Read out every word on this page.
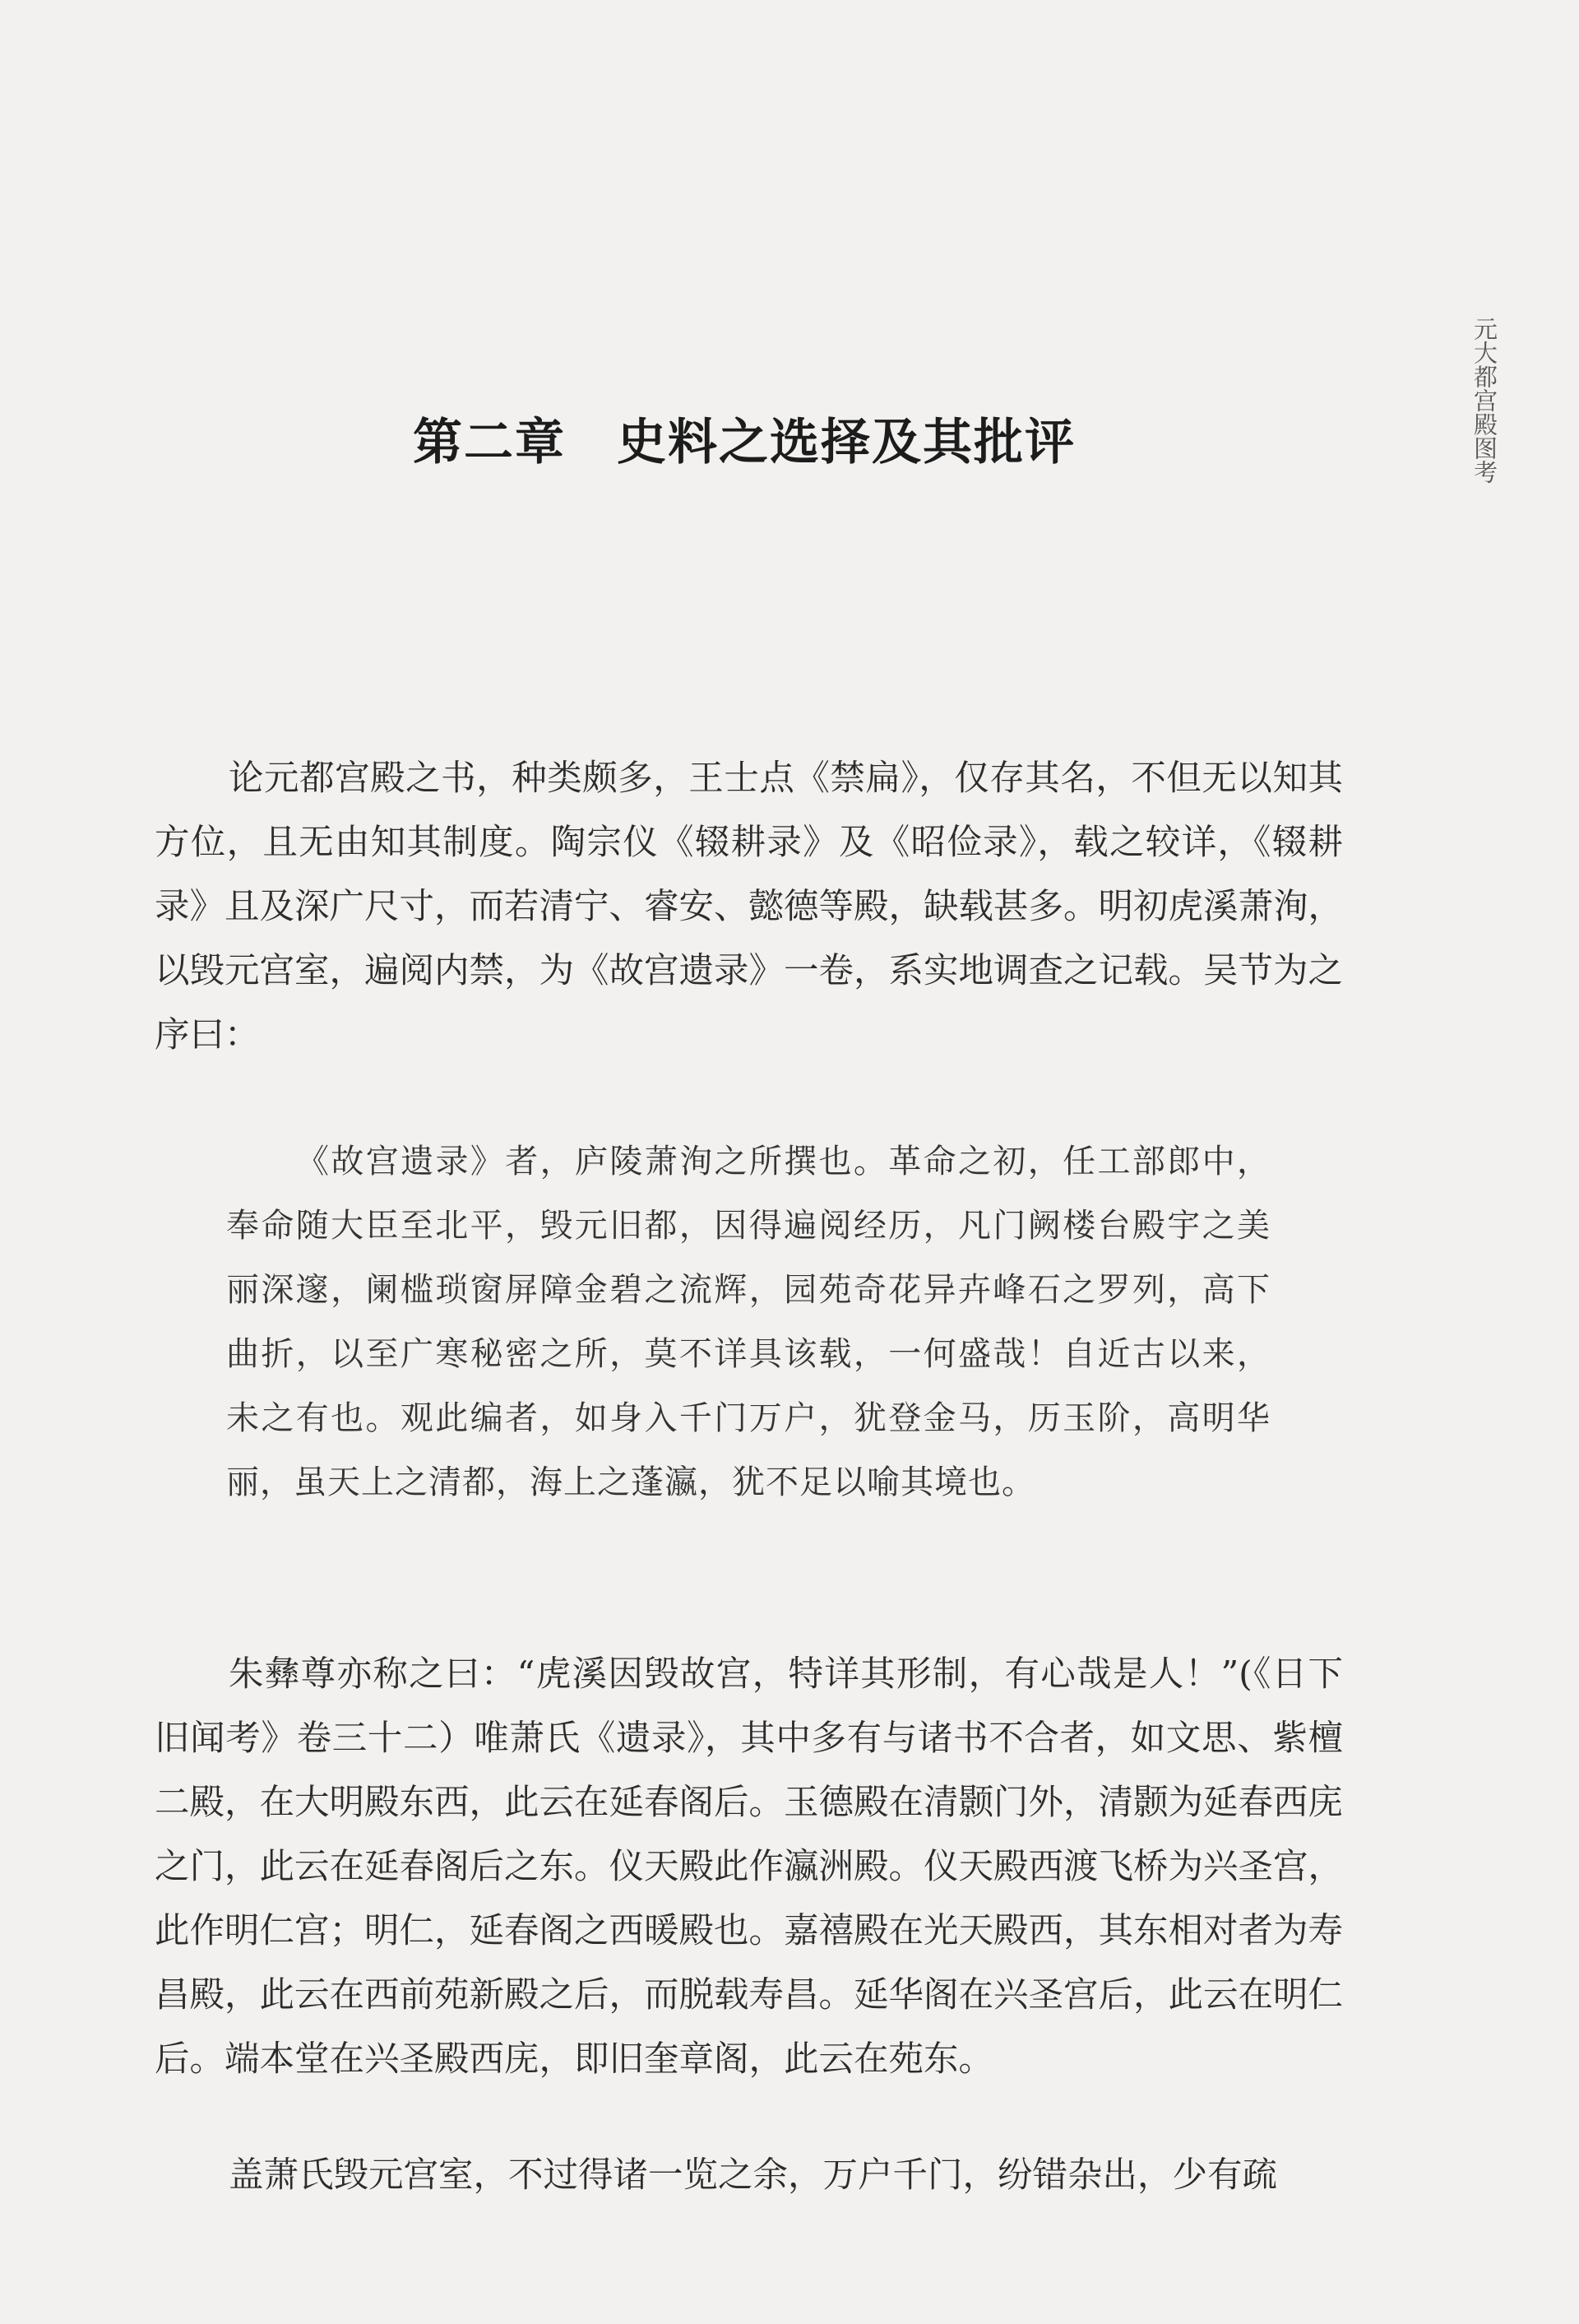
元大都宫殿图考
第二章　史料之选择及其批评

论元都宫殿之书，种类颇多，王士点《禁扁》，仅存其名，不但无以知其方位，且无由知其制度。陶宗仪《辍耕录》及《昭俭录》，载之较详，《辍耕录》且及深广尺寸，而若清宁、睿安、懿德等殿，缺载甚多。明初虎溪萧洵，以毁元宫室，遍阅内禁，为《故宫遗录》一卷，系实地调查之记载。吴节为之序曰：

《故宫遗录》者，庐陵萧洵之所撰也。革命之初，任工部郎中，奉命随大臣至北平，毁元旧都，因得遍阅经历，凡门阙楼台殿宇之美丽深邃，阑槛琐窗屏障金碧之流辉，园苑奇花异卉峰石之罗列，高下曲折，以至广寒秘密之所，莫不详具该载，一何盛哉！自近古以来，未之有也。观此编者，如身入千门万户，犹登金马，历玉阶，高明华丽，虽天上之清都，海上之蓬瀛，犹不足以喻其境也。

朱彝尊亦称之曰：“虎溪因毁故宫，特详其形制，有心哉是人！”(《日下旧闻考》卷三十二）唯萧氏《遗录》，其中多有与诸书不合者，如文思、紫檀二殿，在大明殿东西，此云在延春阁后。玉德殿在清颢门外，清颢为延春西庑之门，此云在延春阁后之东。仪天殿此作瀛洲殿。仪天殿西渡飞桥为兴圣宫，此作明仁宫；明仁，延春阁之西暖殿也。嘉禧殿在光天殿西，其东相对者为寿昌殿，此云在西前苑新殿之后，而脱载寿昌。延华阁在兴圣宫后，此云在明仁后。端本堂在兴圣殿西庑，即旧奎章阁，此云在苑东。

盖萧氏毁元宫室，不过得诸一览之余，万户千门，纷错杂出，少有疏
